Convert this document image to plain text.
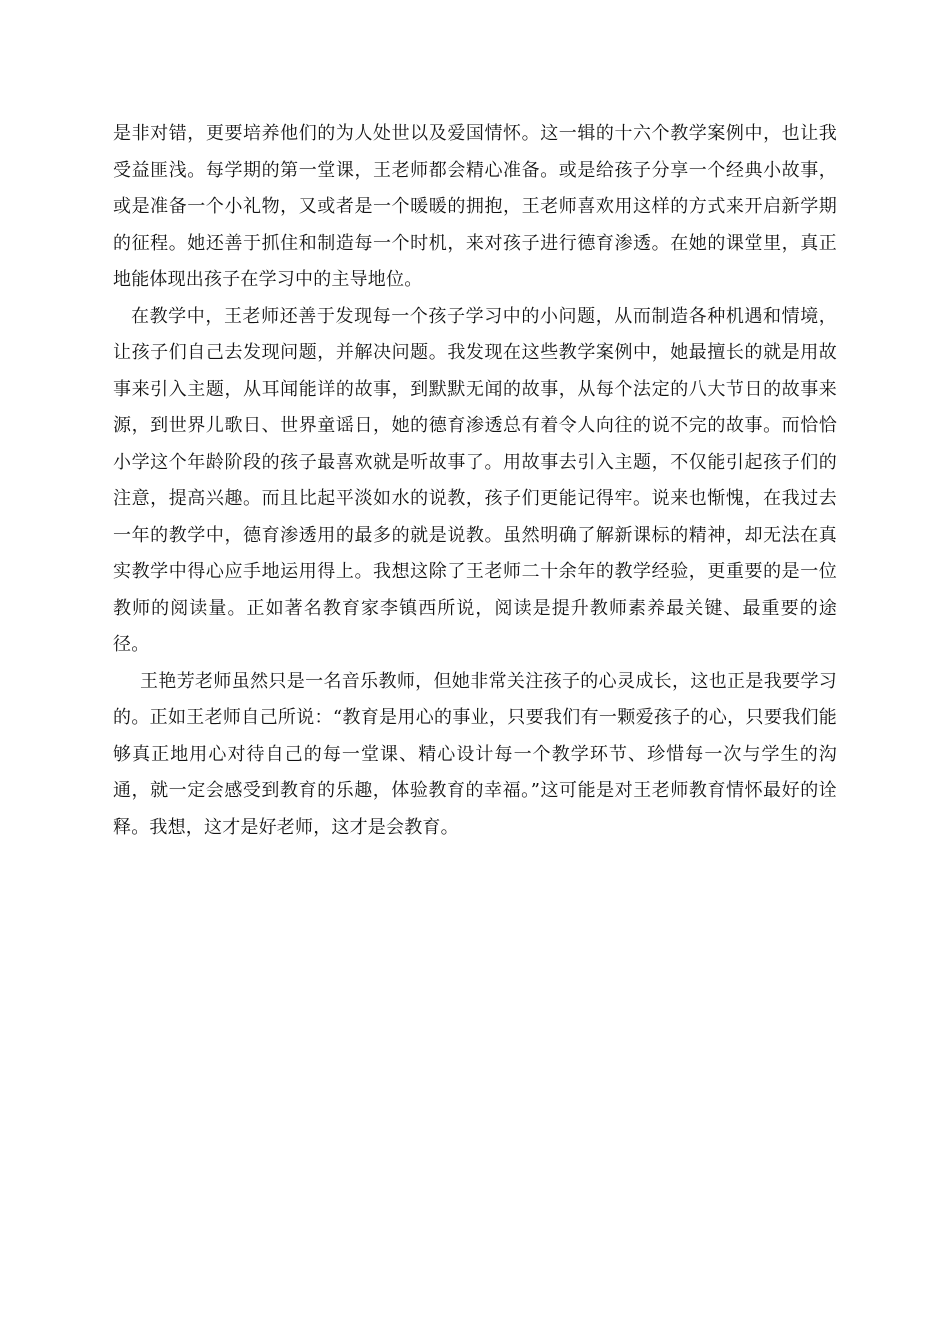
是非对错，更要培养他们的为人处世以及爱国情怀。这一辑的十六个教学案例中，也让我受益匪浅。每学期的第一堂课，王老师都会精心准备。或是给孩子分享一个经典小故事，或是准备一个小礼物，又或者是一个暖暖的拥抱，王老师喜欢用这样的方式来开启新学期的征程。她还善于抓住和制造每一个时机，来对孩子进行德育渗透。在她的课堂里，真正地能体现出孩子在学习中的主导地位。

在教学中，王老师还善于发现每一个孩子学习中的小问题，从而制造各种机遇和情境，让孩子们自己去发现问题，并解决问题。我发现在这些教学案例中，她最擅长的就是用故事来引入主题，从耳闻能详的故事，到默默无闻的故事，从每个法定的八大节日的故事来源，到世界儿歌日、世界童谣日，她的德育渗透总有着令人向往的说不完的故事。而恰恰小学这个年龄阶段的孩子最喜欢就是听故事了。用故事去引入主题，不仅能引起孩子们的注意，提高兴趣。而且比起平淡如水的说教，孩子们更能记得牢。说来也惭愧，在我过去一年的教学中，德育渗透用的最多的就是说教。虽然明确了解新课标的精神，却无法在真实教学中得心应手地运用得上。我想这除了王老师二十余年的教学经验，更重要的是一位教师的阅读量。正如著名教育家李镇西所说，阅读是提升教师素养最关键、最重要的途径。

王艳芳老师虽然只是一名音乐教师，但她非常关注孩子的心灵成长，这也正是我要学习的。正如王老师自己所说：“教育是用心的事业，只要我们有一颗爱孩子的心，只要我们能够真正地用心对待自己的每一堂课、精心设计每一个教学环节、珍惜每一次与学生的沟通，就一定会感受到教育的乐趣，体验教育的幸福。”这可能是对王老师教育情怀最好的诠释。我想，这才是好老师，这才是会教育。
